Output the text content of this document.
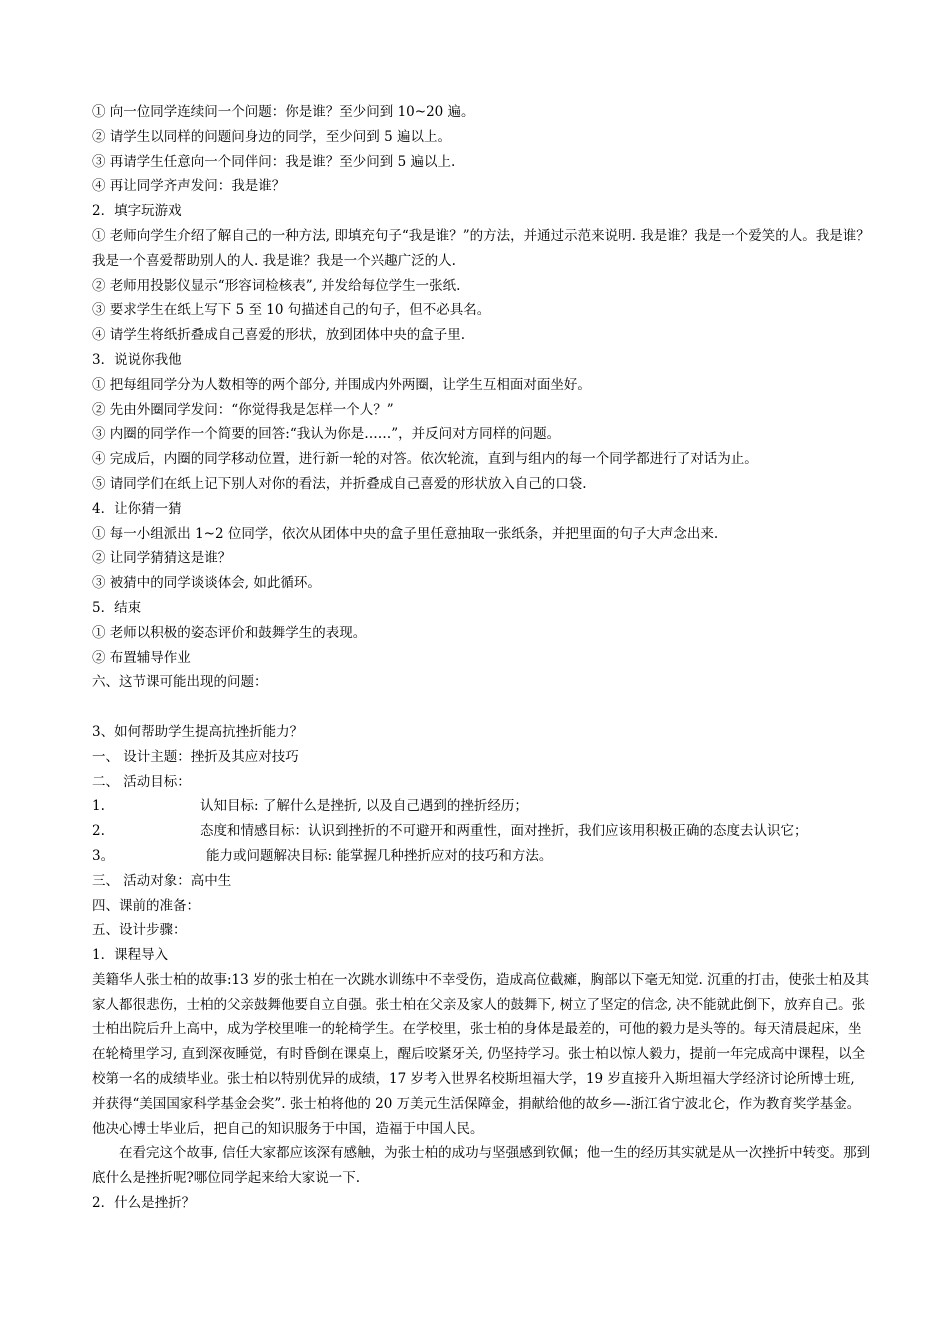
① 向一位同学连续问一个问题：你是谁？至少问到 10~20 遍。
② 请学生以同样的问题问身边的同学，至少问到 5 遍以上。
③ 再请学生任意向一个同伴问：我是谁？至少问到 5 遍以上.
④ 再让同学齐声发问：我是谁？
2．填字玩游戏
① 老师向学生介绍了解自己的一种方法, 即填充句子“我是谁？”的方法，并通过示范来说明. 我是谁？我是一个爱笑的人。我是谁？我是一个喜爱帮助别人的人. 我是谁？我是一个兴趣广泛的人.
② 老师用投影仪显示“形容词检核表”, 并发给每位学生一张纸.
③ 要求学生在纸上写下 5 至 10 句描述自己的句子，但不必具名。
④ 请学生将纸折叠成自己喜爱的形状，放到团体中央的盒子里.
3．说说你我他
① 把每组同学分为人数相等的两个部分, 并围成内外两圈，让学生互相面对面坐好。
② 先由外圈同学发问：“你觉得我是怎样一个人？”
③ 内圈的同学作一个简要的回答:“我认为你是……”，并反问对方同样的问题。
④ 完成后，内圈的同学移动位置，进行新一轮的对答。依次轮流，直到与组内的每一个同学都进行了对话为止。
⑤ 请同学们在纸上记下别人对你的看法，并折叠成自己喜爱的形状放入自己的口袋.
4．让你猜一猜
① 每一小组派出 1~2 位同学，依次从团体中央的盒子里任意抽取一张纸条，并把里面的句子大声念出来.
② 让同学猜猜这是谁？
③ 被猜中的同学谈谈体会, 如此循环。
5．结束
① 老师以积极的姿态评价和鼓舞学生的表现。
② 布置辅导作业
六、这节课可能出现的问题：
3、如何帮助学生提高抗挫折能力？
一、 设计主题：挫折及其应对技巧
二、 活动目标：
1.	认知目标: 了解什么是挫折, 以及自己遇到的挫折经历；
2.	态度和情感目标：认识到挫折的不可避开和两重性，面对挫折，我们应该用积极正确的态度去认识它；
3。	能力或问题解决目标: 能掌握几种挫折应对的技巧和方法。
三、 活动对象：高中生
四、课前的准备：
五、设计步骤：
1．课程导入
美籍华人张士柏的故事:13 岁的张士柏在一次跳水训练中不幸受伤，造成高位截瘫，胸部以下毫无知觉. 沉重的打击，使张士柏及其家人都很悲伤，士柏的父亲鼓舞他要自立自强。张士柏在父亲及家人的鼓舞下, 树立了坚定的信念, 决不能就此倒下，放弃自己。张士柏出院后升上高中，成为学校里唯一的轮椅学生。在学校里，张士柏的身体是最差的，可他的毅力是头等的。每天清晨起床，坐在轮椅里学习, 直到深夜睡觉，有时昏倒在课桌上，醒后咬紧牙关, 仍坚持学习。张士柏以惊人毅力，提前一年完成高中课程，以全校第一名的成绩毕业。张士柏以特别优异的成绩，17 岁考入世界名校斯坦福大学，19 岁直接升入斯坦福大学经济讨论所博士班, 并获得“美国国家科学基金会奖”. 张士柏将他的 20 万美元生活保障金，捐献给他的故乡—-浙江省宁波北仑，作为教育奖学基金。他决心博士毕业后，把自己的知识服务于中国，造福于中国人民。
在看完这个故事, 信任大家都应该深有感触，为张士柏的成功与坚强感到钦佩；他一生的经历其实就是从一次挫折中转变。那到底什么是挫折呢?哪位同学起来给大家说一下.
2．什么是挫折？
